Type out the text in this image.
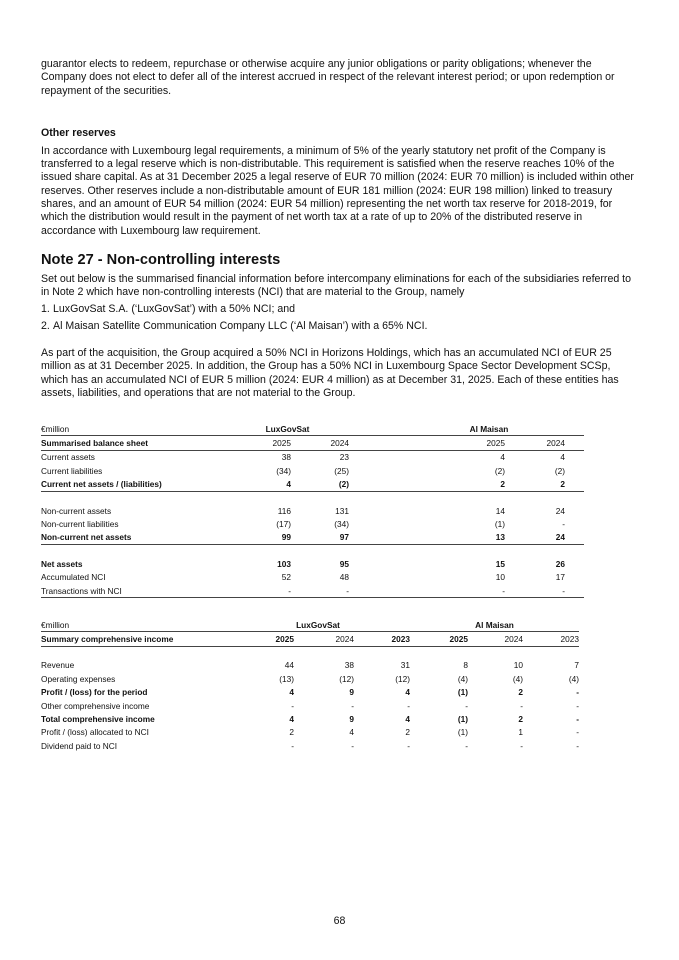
guarantor elects to redeem, repurchase or otherwise acquire any junior obligations or parity obligations; whenever the Company does not elect to defer all of the interest accrued in respect of the relevant interest period; or upon redemption or repayment of the securities.

Other reserves

In accordance with Luxembourg legal requirements, a minimum of 5% of the yearly statutory net profit of the Company is transferred to a legal reserve which is non-distributable. This requirement is satisfied when the reserve reaches 10% of the issued share capital. As at 31 December 2025 a legal reserve of EUR 70 million (2024: EUR 70 million) is included within other reserves. Other reserves include a non-distributable amount of EUR 181 million (2024: EUR 198 million) linked to treasury shares, and an amount of EUR 54 million (2024: EUR 54 million) representing the net worth tax reserve for 2018-2019, for which the distribution would result in the payment of net worth tax at a rate of up to 20% of the distributed reserve in accordance with Luxembourg law requirement.

Note 27 - Non-controlling interests

Set out below is the summarised financial information before intercompany eliminations for each of the subsidiaries referred to in Note 2 which have non-controlling interests (NCI) that are material to the Group, namely

1. LuxGovSat S.A. (‘LuxGovSat’) with a 50% NCI; and
2. Al Maisan Satellite Communication Company LLC (‘Al Maisan’) with a 65% NCI.

As part of the acquisition, the Group acquired a 50% NCI in Horizons Holdings, which has an accumulated NCI of EUR 25 million as at 31 December 2025. In addition, the Group has a 50% NCI in Luxembourg Space Sector Development SCSp, which has an accumulated NCI of EUR 5 million (2024: EUR 4 million) as at December 31, 2025. Each of these entities has assets, liabilities, and operations that are not material to the Group.

€million	LuxGovSat			Al Maisan		
Summarised balance sheet	2025	2024		2025	2024	
Current assets	38	23		4	4	
Current liabilities	(34)	(25)		(2)	(2)	
Current net assets / (liabilities)	4	(2)		2	2	

Non-current assets	116	131		14	24	
Non-current liabilities	(17)	(34)		(1)	-	
Non-current net assets	99	97		13	24	

Net assets	103	95		15	26	
Accumulated NCI	52	48		10	17	
Transactions with NCI	-	-		-	-	
€million	LuxGovSat			Al Maisan		
Summary comprehensive income	2025	2024	2023	2025	2024	2023

Revenue	44	38	31	8	10	7
Operating expenses	(13)	(12)	(12)	(4)	(4)	(4)
Profit / (loss) for the period	4	9	4	(1)	2	-
Other comprehensive income	-	-	-	-	-	-
Total comprehensive income	4	9	4	(1)	2	-
Profit / (loss) allocated to NCI	2	4	2	(1)	1	-
Dividend paid to NCI	-	-	-	-	-	-
68
